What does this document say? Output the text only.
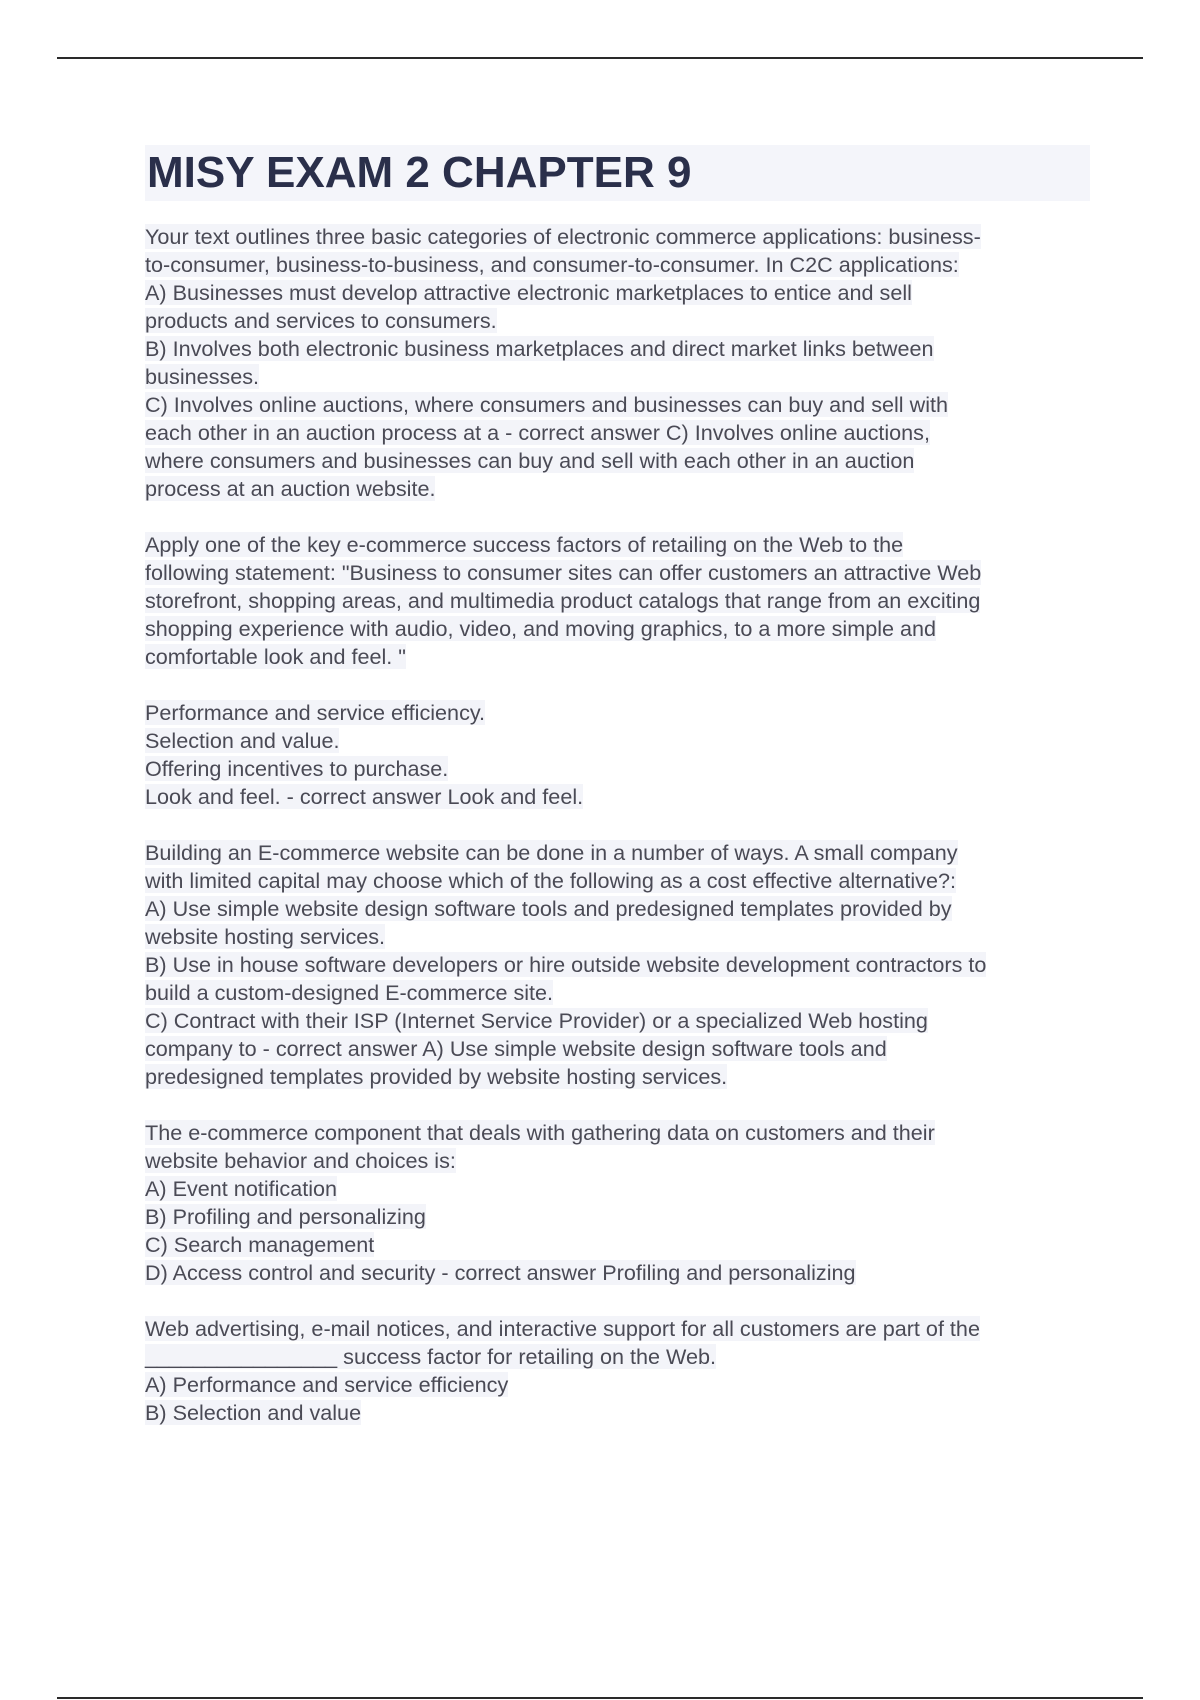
MISY EXAM 2 CHAPTER 9
Your text outlines three basic categories of electronic commerce applications: business-
to-consumer, business-to-business, and consumer-to-consumer. In C2C applications:
A) Businesses must develop attractive electronic marketplaces to entice and sell
products and services to consumers.
B) Involves both electronic business marketplaces and direct market links between
businesses.
C) Involves online auctions, where consumers and businesses can buy and sell with
each other in an auction process at a - correct answer C) Involves online auctions,
where consumers and businesses can buy and sell with each other in an auction
process at an auction website.
Apply one of the key e-commerce success factors of retailing on the Web to the
following statement: "Business to consumer sites can offer customers an attractive Web
storefront, shopping areas, and multimedia product catalogs that range from an exciting
shopping experience with audio, video, and moving graphics, to a more simple and
comfortable look and feel. "
Performance and service efficiency.
Selection and value.
Offering incentives to purchase.
Look and feel. - correct answer Look and feel.
Building an E-commerce website can be done in a number of ways. A small company
with limited capital may choose which of the following as a cost effective alternative?:
A) Use simple website design software tools and predesigned templates provided by
website hosting services.
B) Use in house software developers or hire outside website development contractors to
build a custom-designed E-commerce site.
C) Contract with their ISP (Internet Service Provider) or a specialized Web hosting
company to - correct answer A) Use simple website design software tools and
predesigned templates provided by website hosting services.
The e-commerce component that deals with gathering data on customers and their
website behavior and choices is:
A) Event notification
B) Profiling and personalizing
C) Search management
D) Access control and security - correct answer Profiling and personalizing
Web advertising, e-mail notices, and interactive support for all customers are part of the
________________ success factor for retailing on the Web.
A) Performance and service efficiency
B) Selection and value
